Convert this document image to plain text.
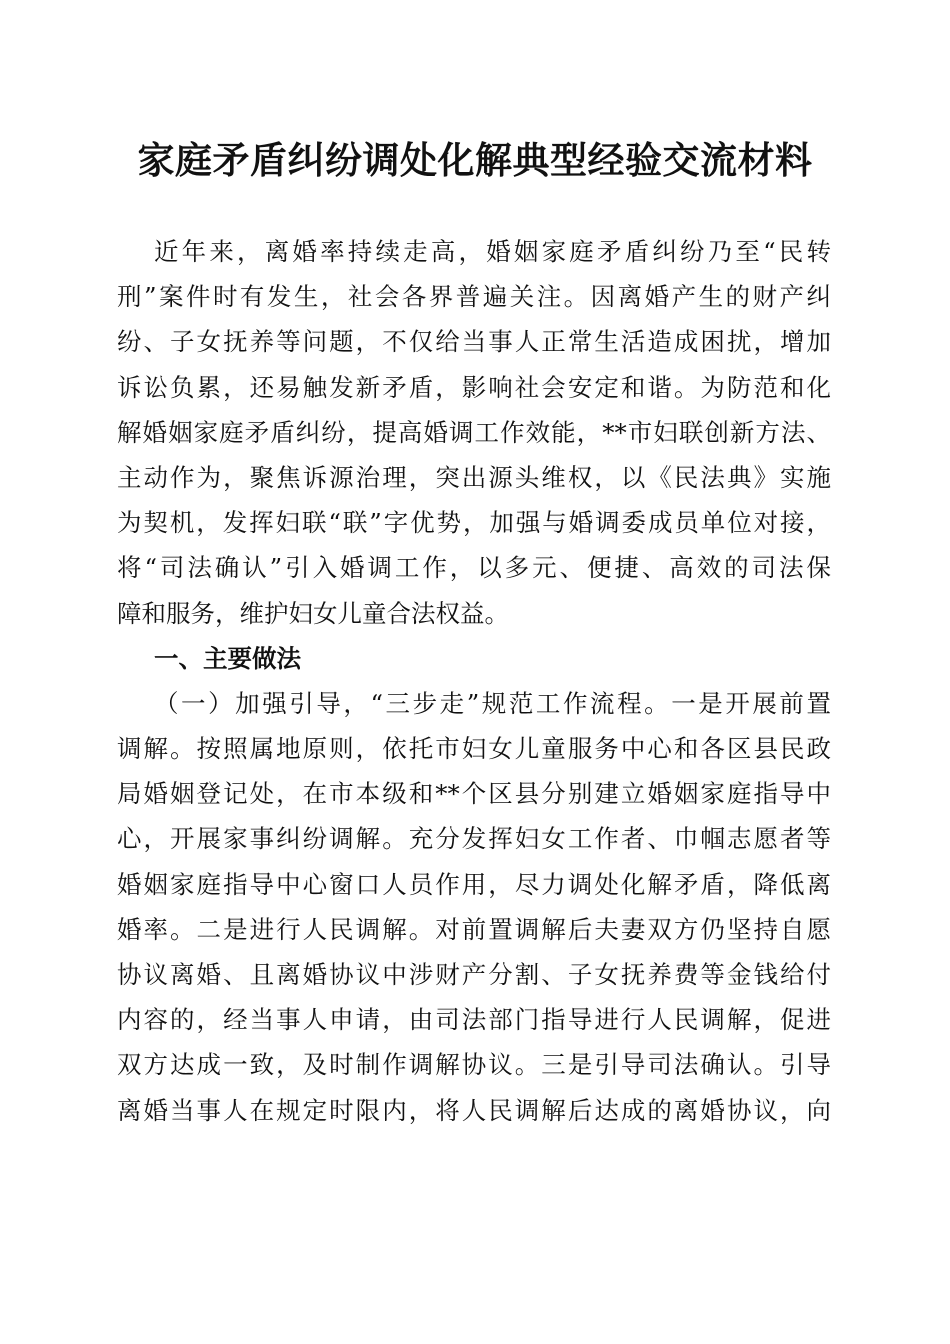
家庭矛盾纠纷调处化解典型经验交流材料
近年来，离婚率持续走高，婚姻家庭矛盾纠纷乃至“民转
刑”案件时有发生，社会各界普遍关注。因离婚产生的财产纠
纷、子女抚养等问题，不仅给当事人正常生活造成困扰，增加
诉讼负累，还易触发新矛盾，影响社会安定和谐。为防范和化
解婚姻家庭矛盾纠纷，提高婚调工作效能，**市妇联创新方法、
主动作为，聚焦诉源治理，突出源头维权，以《民法典》实施
为契机，发挥妇联“联”字优势，加强与婚调委成员单位对接，
将“司法确认”引入婚调工作，以多元、便捷、高效的司法保
障和服务，维护妇女儿童合法权益。
一、主要做法
（一）加强引导，“三步走”规范工作流程。一是开展前置
调解。按照属地原则，依托市妇女儿童服务中心和各区县民政
局婚姻登记处，在市本级和**个区县分别建立婚姻家庭指导中
心，开展家事纠纷调解。充分发挥妇女工作者、巾帼志愿者等
婚姻家庭指导中心窗口人员作用，尽力调处化解矛盾，降低离
婚率。二是进行人民调解。对前置调解后夫妻双方仍坚持自愿
协议离婚、且离婚协议中涉财产分割、子女抚养费等金钱给付
内容的，经当事人申请，由司法部门指导进行人民调解，促进
双方达成一致，及时制作调解协议。三是引导司法确认。引导
离婚当事人在规定时限内，将人民调解后达成的离婚协议，向
